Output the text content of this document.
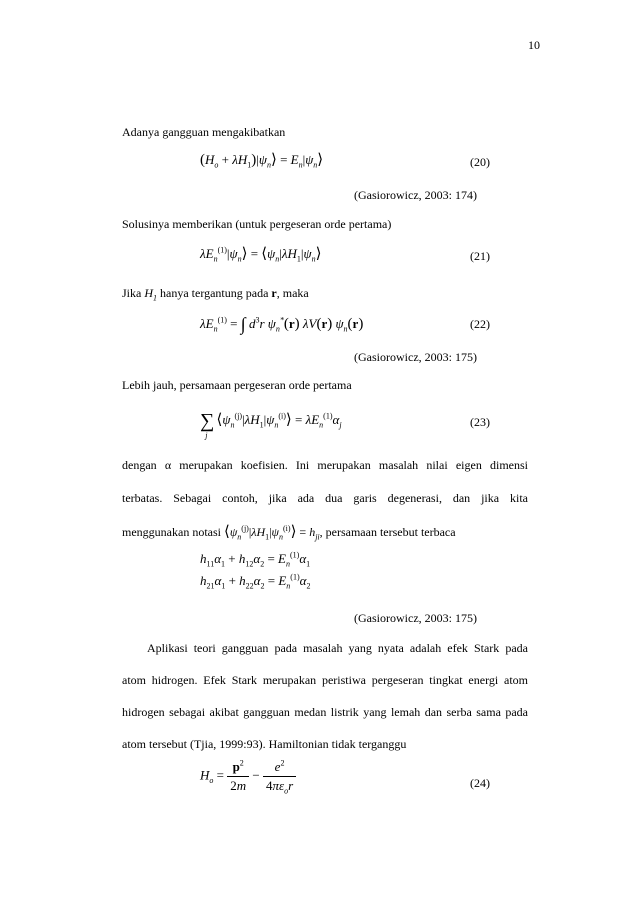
10
Adanya gangguan mengakibatkan
($H_o$ + $\lambda H_1)|\psi_n⟩$ = $E_n|\psi_n⟩$	(20)
(Gasiorowicz, 2003: 174)
Solusinya memberikan (untuk pergeseran orde pertama)
$\lambda E_n^{(1)}|\psi_n⟩$ = $⟨\psi_n|\lambda H_1|\psi_n⟩$	(21)
Jika $H_1$ hanya tergantung pada r, maka
$\lambda E_n^{(1)}$ = ∫ $d^3r$ $\psi_n^*(r)$ λV(r) $\psi_n(r)$	(22)
(Gasiorowicz, 2003: 175)
Lebih jauh, persamaan pergeseran orde pertama
$\sum_j⟨\psi_n^{(j)}|\lambda H_1|\psi_n^{(i)}⟩ = \lambda E_n^{(1)}\alpha_j$	(23)
dengan α merupakan koefisien. Ini merupakan masalah nilai eigen dimensi
terbatas. Sebagai contoh, jika ada dua garis degenerasi, dan jika kita
menggunakan notasi $⟨\psi_n^{(j)}|\lambda H_1|\psi_n^{(i)}⟩ = h_{ji}$, persamaan tersebut terbaca
$h_{11}\alpha_1 + h_{12}\alpha_2 = E_n^{(1)}\alpha_1$
$h_{21}\alpha_1 + h_{22}\alpha_2 = E_n^{(1)}\alpha_2$
(Gasiorowicz, 2003: 175)
Aplikasi teori gangguan pada masalah yang nyata adalah efek Stark pada
atom hidrogen. Efek Stark merupakan peristiwa pergeseran tingkat energi atom
hidrogen sebagai akibat gangguan medan listrik yang lemah dan serba sama pada
atom tersebut (Tjia, 1999:93). Hamiltonian tidak terganggu
$H_o = \frac{p^2}{2m} - \frac{e^2}{4\pi\varepsilon_or}$	(24)
